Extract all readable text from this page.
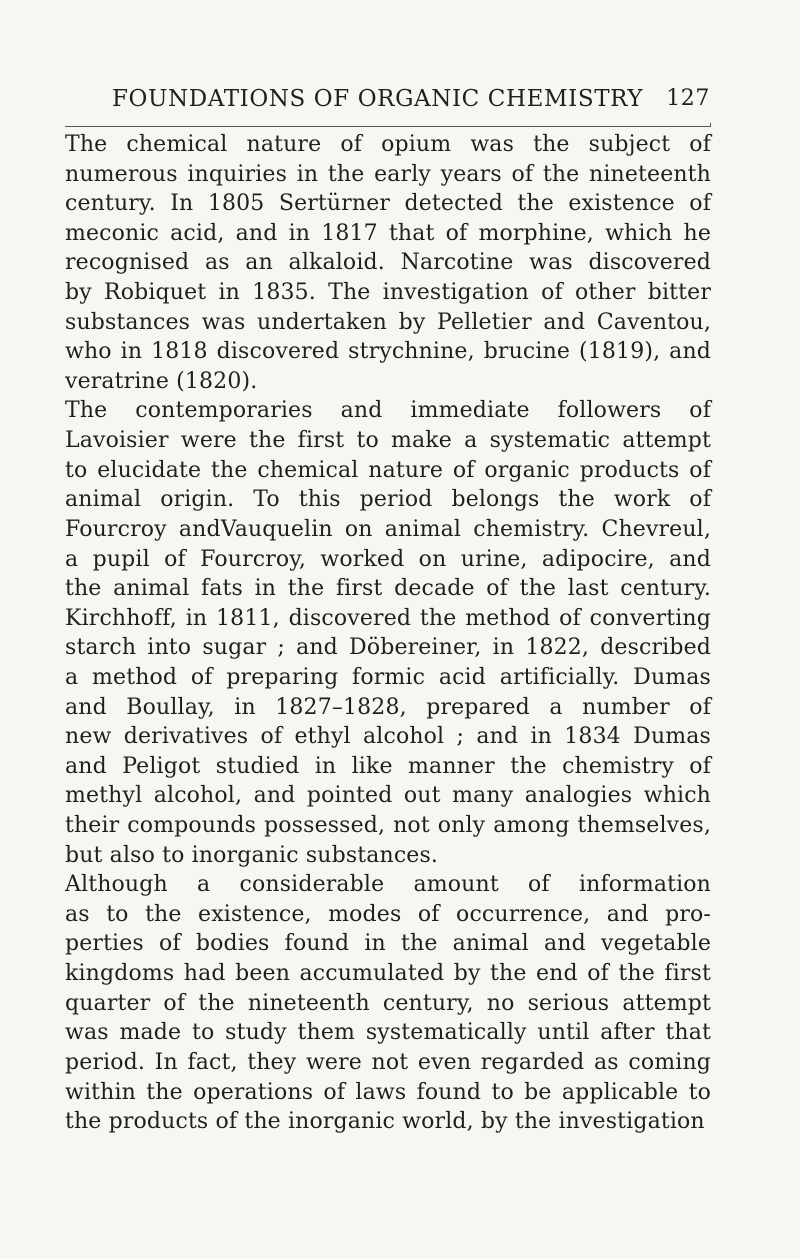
FOUNDATIONS OF ORGANIC CHEMISTRY 127
The chemical nature of opium was the subject of
numerous inquiries in the early years of the nineteenth
century. In 1805 Sertürner detected the existence of
meconic acid, and in 1817 that of morphine, which he
recognised as an alkaloid. Narcotine was discovered
by Robiquet in 1835. The investigation of other bitter
substances was undertaken by Pelletier and Caventou,
who in 1818 discovered strychnine, brucine (1819), and
veratrine (1820).
The contemporaries and immediate followers of
Lavoisier were the first to make a systematic attempt
to elucidate the chemical nature of organic products of
animal origin. To this period belongs the work of
Fourcroy andVauquelin on animal chemistry. Chevreul,
a pupil of Fourcroy, worked on urine, adipocire, and
the animal fats in the first decade of the last century.
Kirchhoff, in 1811, discovered the method of converting
starch into sugar ; and Döbereiner, in 1822, described
a method of preparing formic acid artificially. Dumas
and Boullay, in 1827–1828, prepared a number of
new derivatives of ethyl alcohol ; and in 1834 Dumas
and Peligot studied in like manner the chemistry of
methyl alcohol, and pointed out many analogies which
their compounds possessed, not only among themselves,
but also to inorganic substances.
Although a considerable amount of information
as to the existence, modes of occurrence, and pro-
perties of bodies found in the animal and vegetable
kingdoms had been accumulated by the end of the first
quarter of the nineteenth century, no serious attempt
was made to study them systematically until after that
period. In fact, they were not even regarded as coming
within the operations of laws found to be applicable to
the products of the inorganic world, by the investigation
